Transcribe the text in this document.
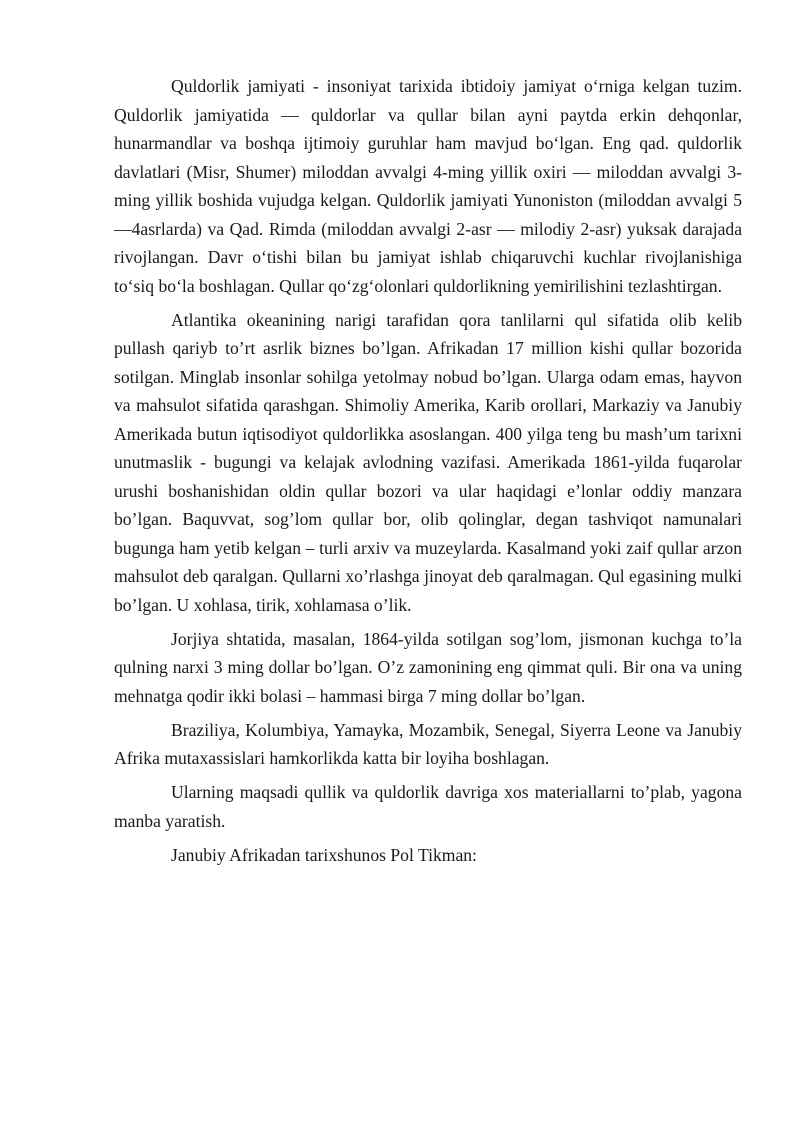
Quldorlik jamiyati - insoniyat tarixida ibtidoiy jamiyat o‘rniga kelgan tuzim. Quldorlik jamiyatida — quldorlar va qullar bilan ayni paytda erkin dehqonlar, hunarmandlar va boshqa ijtimoiy guruhlar ham mavjud bo‘lgan. Eng qad. quldorlik davlatlari (Misr, Shumer) miloddan avvalgi 4-ming yillik oxiri — miloddan avvalgi 3-ming yillik boshida vujudga kelgan. Quldorlik jamiyati Yunoniston (miloddan avvalgi 5—4asrlarda) va Qad. Rimda (miloddan avvalgi 2-asr — milodiy 2-asr) yuksak darajada rivojlangan. Davr o‘tishi bilan bu jamiyat ishlab chiqaruvchi kuchlar rivojlanishiga to‘siq bo‘la boshlagan. Qullar qo‘zg‘olonlari quldorlikning yemirilishini tezlashtirgan.

Atlantika okeanining narigi tarafidan qora tanlilarni qul sifatida olib kelib pullash qariyb to’rt asrlik biznes bo’lgan. Afrikadan 17 million kishi qullar bozorida sotilgan. Minglab insonlar sohilga yetolmay nobud bo’lgan. Ularga odam emas, hayvon va mahsulot sifatida qarashgan. Shimoliy Amerika, Karib orollari, Markaziy va Janubiy Amerikada butun iqtisodiyot quldorlikka asoslangan. 400 yilga teng bu mash’um tarixni unutmaslik - bugungi va kelajak avlodning vazifasi. Amerikada 1861-yilda fuqarolar urushi boshanishidan oldin qullar bozori va ular haqidagi e’lonlar oddiy manzara bo’lgan. Baquvvat, sog’lom qullar bor, olib qolinglar, degan tashviqot namunalari bugunga ham yetib kelgan – turli arxiv va muzeylarda. Kasalmand yoki zaif qullar arzon mahsulot deb qaralgan. Qullarni xo’rlashga jinoyat deb qaralmagan. Qul egasining mulki bo’lgan. U xohlasa, tirik, xohlamasa o’lik.

Jorjiya shtatida, masalan, 1864-yilda sotilgan sog’lom, jismonan kuchga to’la qulning narxi 3 ming dollar bo’lgan. O’z zamonining eng qimmat quli. Bir ona va uning mehnatga qodir ikki bolasi – hammasi birga 7 ming dollar bo’lgan.

Braziliya, Kolumbiya, Yamayka, Mozambik, Senegal, Siyerra Leone va Janubiy Afrika mutaxassislari hamkorlikda katta bir loyiha boshlagan.

Ularning maqsadi qullik va quldorlik davriga xos materiallarni to’plab, yagona manba yaratish.

Janubiy Afrikadan tarixshunos Pol Tikman:
